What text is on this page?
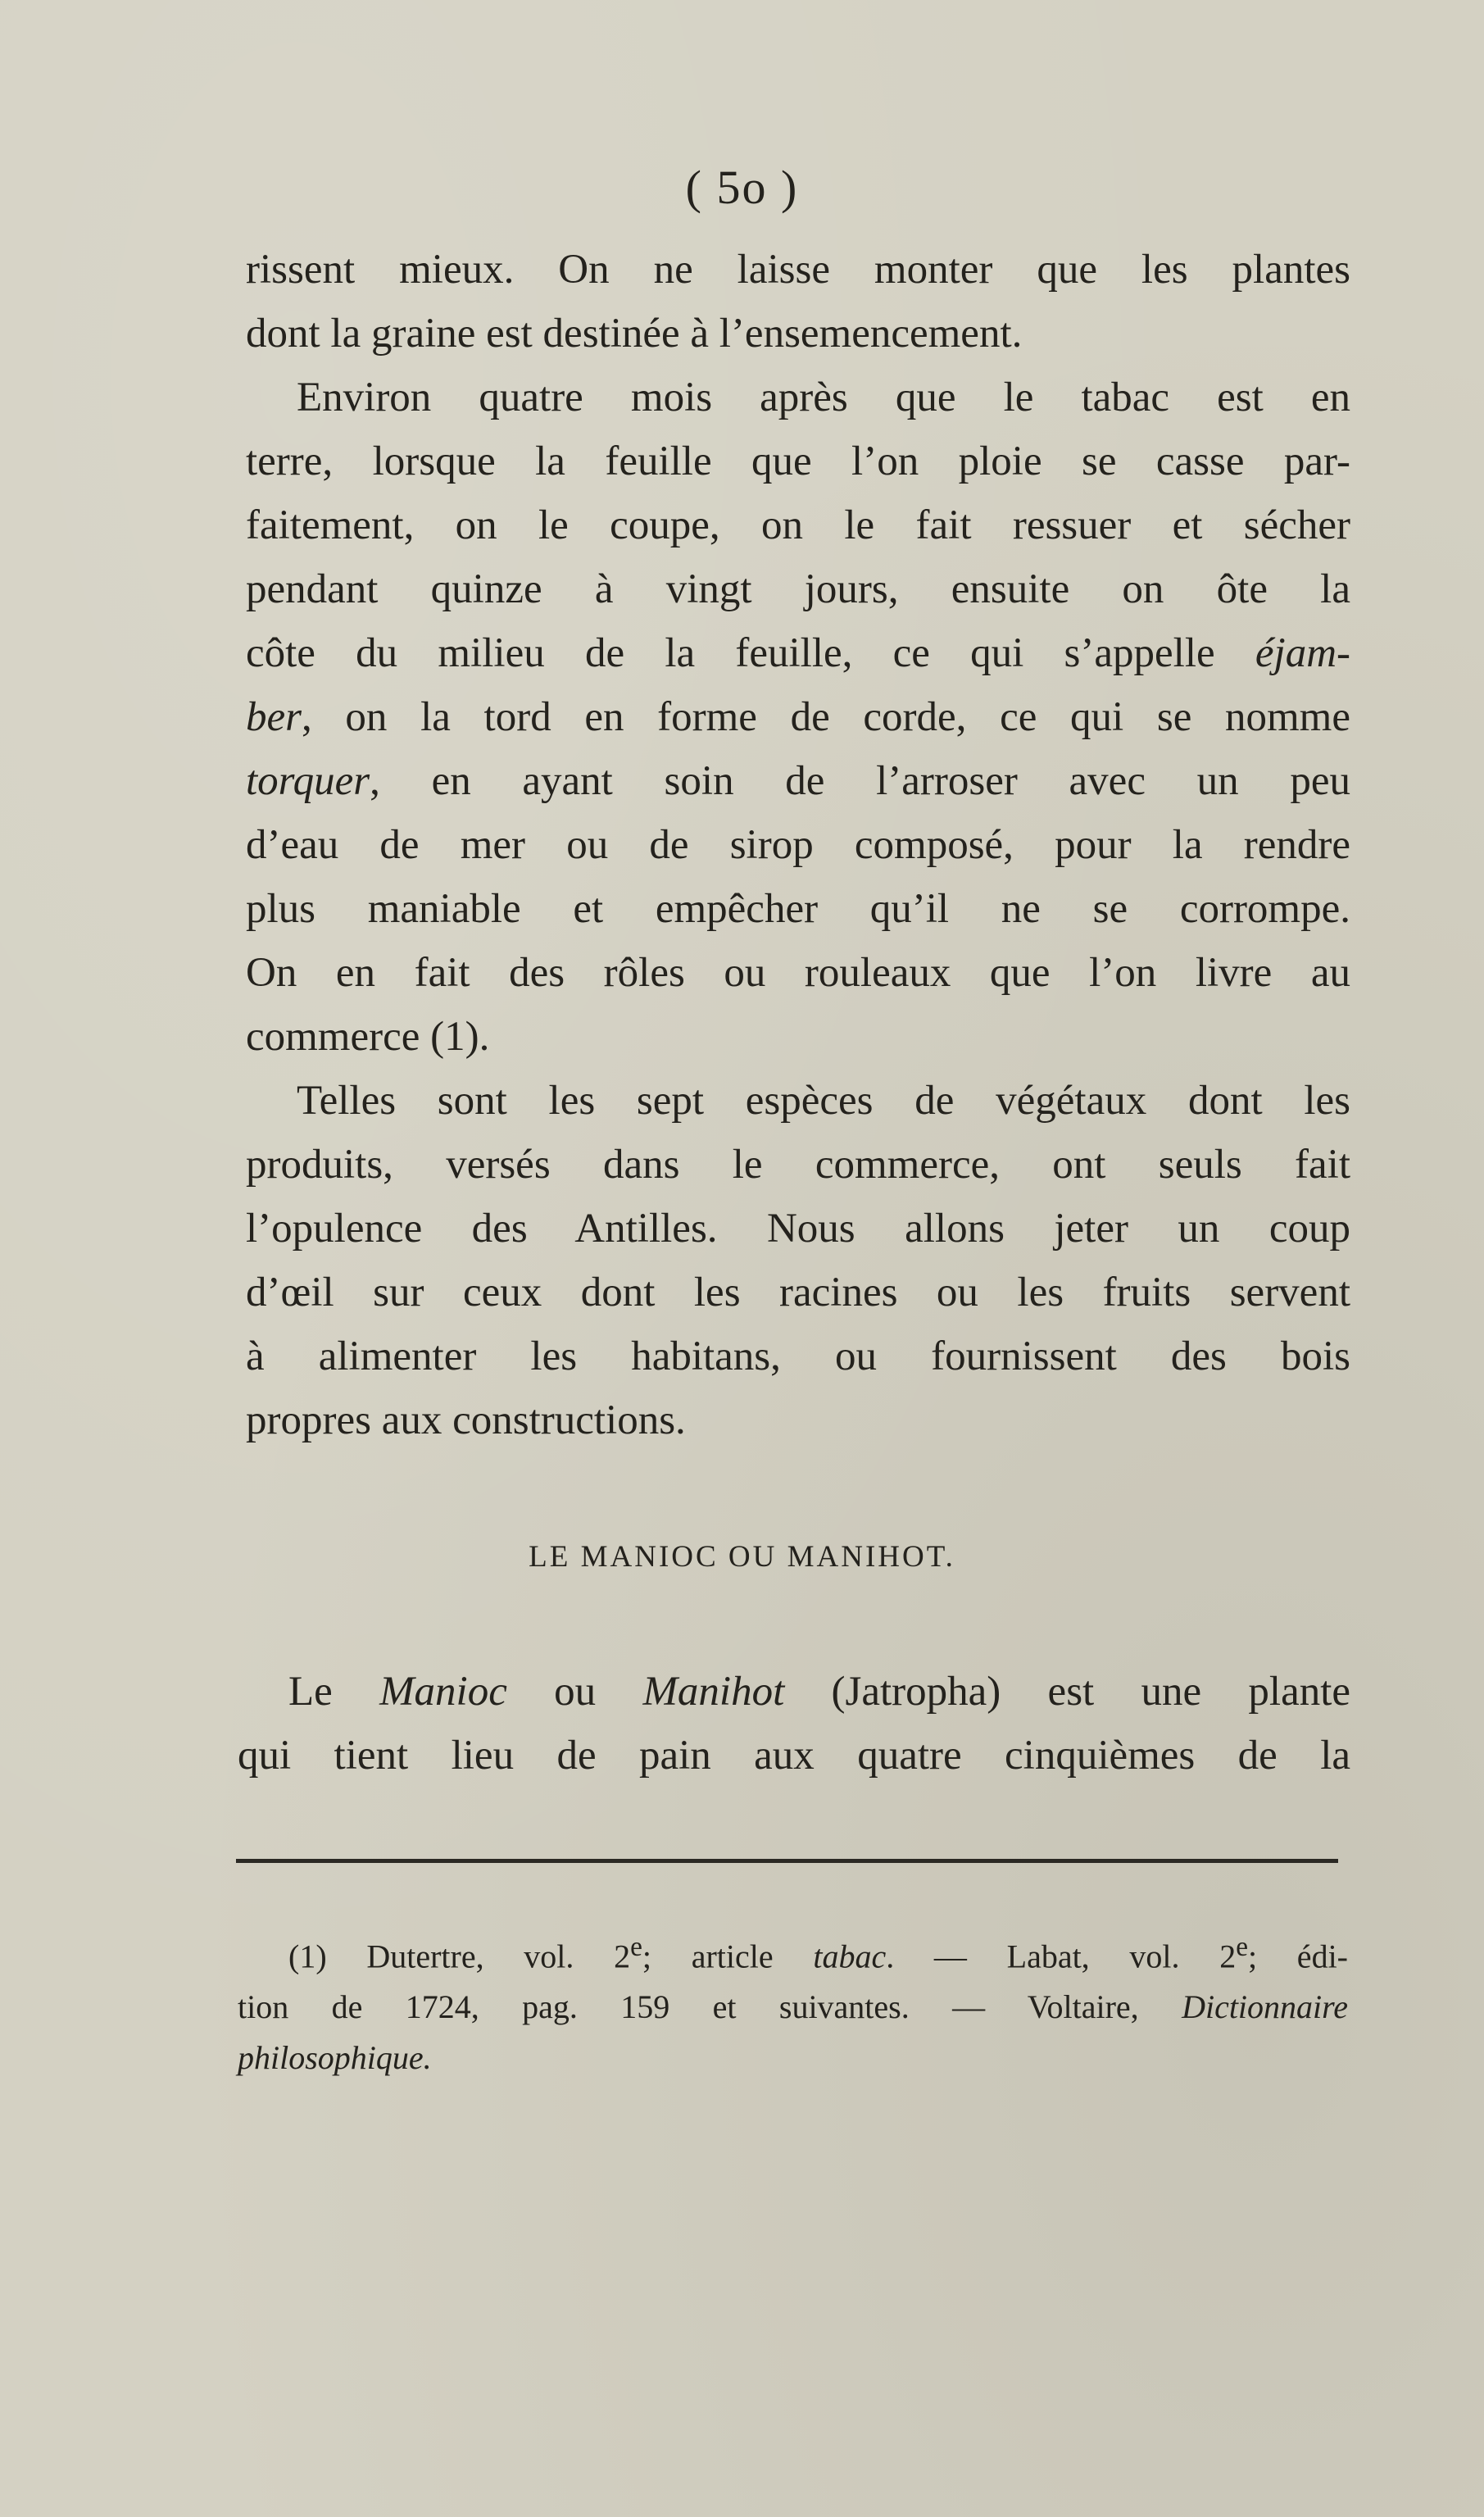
( 5o )
rissent mieux. On ne laisse monter que les plantes
dont la graine est destinée à l’ensemencement.
Environ quatre mois après que le tabac est en
terre, lorsque la feuille que l’on ploie se casse par-
faitement, on le coupe, on le fait ressuer et sécher
pendant quinze à vingt jours, ensuite on ôte la
côte du milieu de la feuille, ce qui s’appelle éjam-
ber, on la tord en forme de corde, ce qui se nomme
torquer, en ayant soin de l’arroser avec un peu
d’eau de mer ou de sirop composé, pour la rendre
plus maniable et empêcher qu’il ne se corrompe.
On en fait des rôles ou rouleaux que l’on livre au
commerce (1).
Telles sont les sept espèces de végétaux dont les
produits, versés dans le commerce, ont seuls fait
l’opulence des Antilles. Nous allons jeter un coup
d’œil sur ceux dont les racines ou les fruits servent
à alimenter les habitans, ou fournissent des bois
propres aux constructions.
LE MANIOC OU MANIHOT.
Le Manioc ou Manihot (Jatropha) est une plante
qui tient lieu de pain aux quatre cinquièmes de la
(1) Dutertre, vol. 2e; article tabac. — Labat, vol. 2e; édi-
tion de 1724, pag. 159 et suivantes. — Voltaire, Dictionnaire
philosophique.
